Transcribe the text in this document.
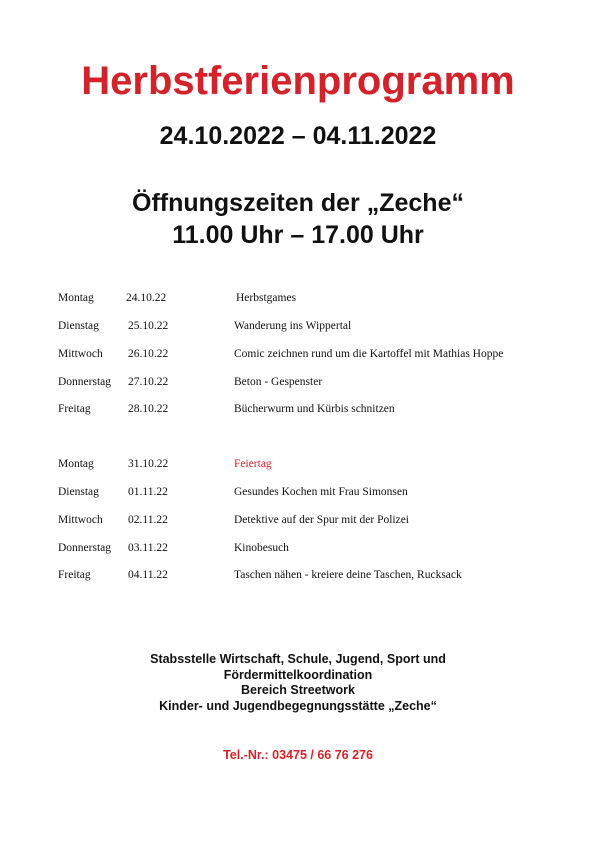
Herbstferienprogramm
24.10.2022 – 04.11.2022
Öffnungszeiten der „Zeche“
11.00 Uhr – 17.00 Uhr
Montag	24.10.22	Herbstgames
Dienstag	25.10.22	Wanderung ins Wippertal
Mittwoch 26.10.22	Comic zeichnen rund um die Kartoffel mit Mathias Hoppe
Donnerstag 27.10.22	Beton - Gespenster
Freitag	28.10.22	Bücherwurm und Kürbis schnitzen
Montag	31.10.22	Feiertag
Dienstag	01.11.22	Gesundes Kochen mit Frau Simonsen
Mittwoch 02.11.22	Detektive auf der Spur mit der Polizei
Donnerstag 03.11.22	Kinobesuch
Freitag	04.11.22	Taschen nähen - kreiere deine Taschen, Rucksack
Stabsstelle Wirtschaft, Schule, Jugend, Sport und
Fördermittelkoordination
Bereich Streetwork
Kinder- und Jugendbegegnungsstätte „Zeche“
Tel.-Nr.: 03475 / 66 76 276
